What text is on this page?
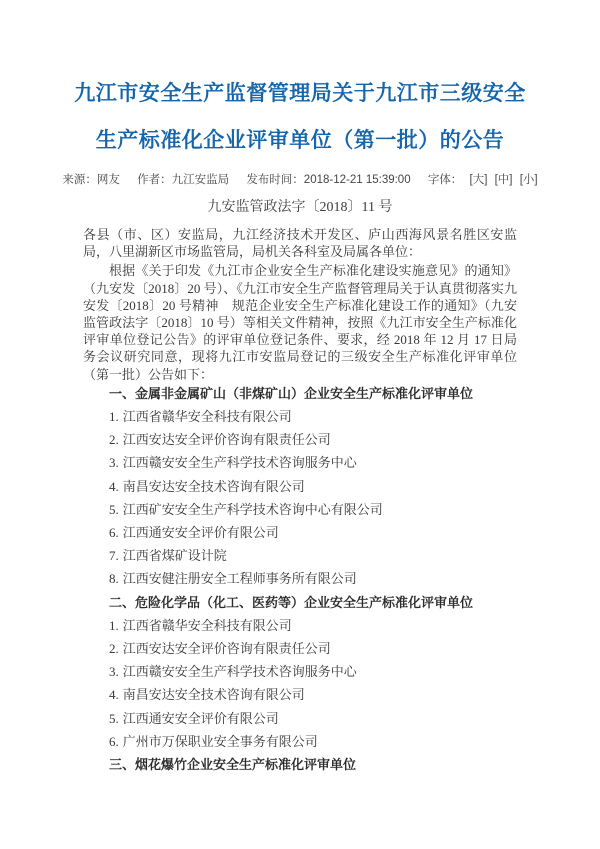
九江市安全生产监督管理局关于九江市三级安全
生产标准化企业评审单位（第一批）的公告
来源：网友 作者：九江安监局 发布时间：2018-12-21 15:39:00 字体： [大] [中] [小]
九安监管政法字〔2018〕11 号

各县（市、区）安监局，九江经济技术开发区、庐山西海风景名胜区安监局，八里湖新区市场监管局，局机关各科室及局属各单位：

根据《关于印发《九江市企业安全生产标准化建设实施意见》的通知》（九安发〔2018〕20 号）、《九江市安全生产监督管理局关于认真贯彻落实九安发〔2018〕20 号精神　规范企业安全生产标准化建设工作的通知》（九安监管政法字〔2018〕10 号）等相关文件精神，按照《九江市安全生产标准化评审单位登记公告》的评审单位登记条件、要求，经 2018 年 12 月 17 日局务会议研究同意，现将九江市安监局登记的三级安全生产标准化评审单位（第一批）公告如下：

一、金属非金属矿山（非煤矿山）企业安全生产标准化评审单位

1. 江西省赣华安全科技有限公司

2. 江西安达安全评价咨询有限责任公司

3. 江西赣安安全生产科学技术咨询服务中心

4. 南昌安达安全技术咨询有限公司

5. 江西矿安安全生产科学技术咨询中心有限公司

6. 江西通安安全评价有限公司

7. 江西省煤矿设计院

8. 江西安健注册安全工程师事务所有限公司

二、危险化学品（化工、医药等）企业安全生产标准化评审单位

1. 江西省赣华安全科技有限公司

2. 江西安达安全评价咨询有限责任公司

3. 江西赣安安全生产科学技术咨询服务中心

4. 南昌安达安全技术咨询有限公司

5. 江西通安安全评价有限公司

6. 广州市万保职业安全事务有限公司

三、烟花爆竹企业安全生产标准化评审单位
